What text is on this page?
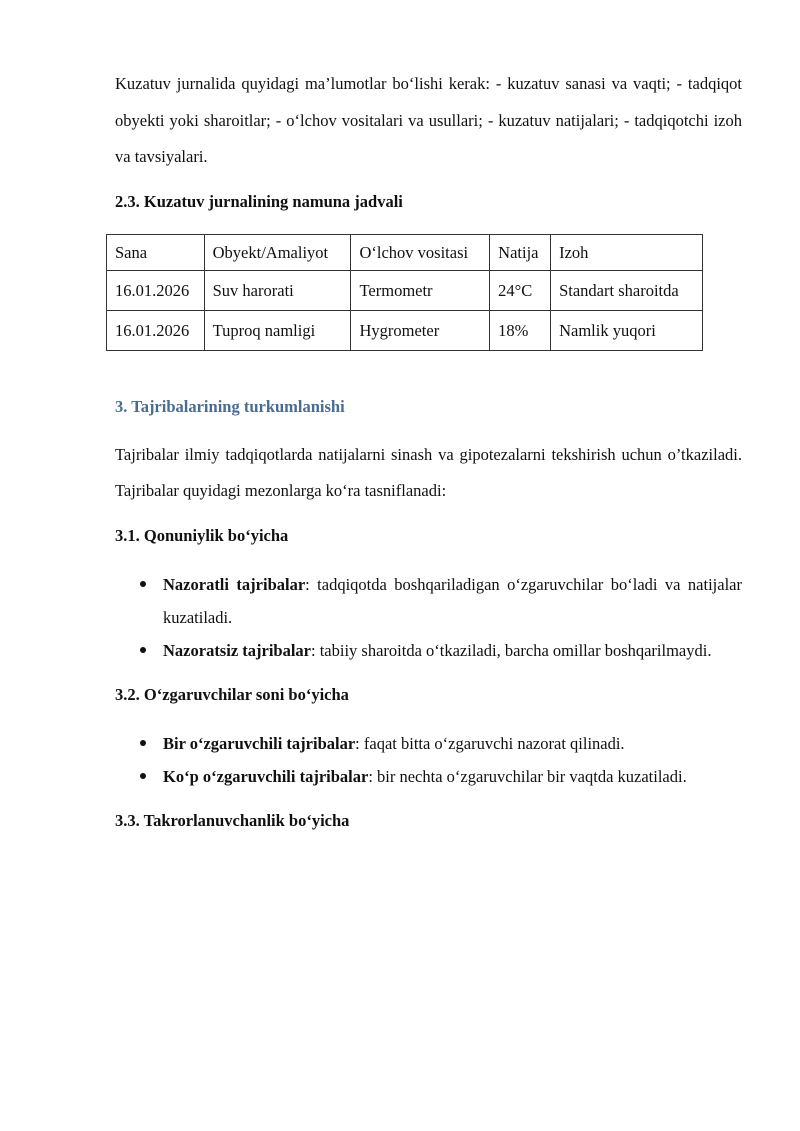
Kuzatuv jurnalida quyidagi ma’lumotlar bo‘lishi kerak: - kuzatuv sanasi va vaqti; - tadqiqot obyekti yoki sharoitlar; - o‘lchov vositalari va usullari; - kuzatuv natijalari; - tadqiqotchi izoh va tavsiyalari.

2.3. Kuzatuv jurnalining namuna jadvali
Sana	Obyekt/Amaliyot	O‘lchov vositasi	Natija	Izoh
16.01.2026	Suv harorati	Termometr	24°C	Standart sharoitda
16.01.2026	Tuproq namligi	Hygrometer	18%	Namlik yuqori
3. Tajribalarining turkumlanishi

Tajribalar ilmiy tadqiqotlarda natijalarni sinash va gipotezalarni tekshirish uchun o’tkaziladi. Tajribalar quyidagi mezonlarga ko‘ra tasniflanadi:

3.1. Qonuniylik bo‘yicha
Nazoratli tajribalar: tadqiqotda boshqariladigan o‘zgaruvchilar bo‘ladi va natijalar kuzatiladi.
Nazoratsiz tajribalar: tabiiy sharoitda o‘tkaziladi, barcha omillar boshqarilmaydi.
3.2. O‘zgaruvchilar soni bo‘yicha
Bir o‘zgaruvchili tajribalar: faqat bitta o‘zgaruvchi nazorat qilinadi.
Ko‘p o‘zgaruvchili tajribalar: bir nechta o‘zgaruvchilar bir vaqtda kuzatiladi.
3.3. Takrorlanuvchanlik bo‘yicha
